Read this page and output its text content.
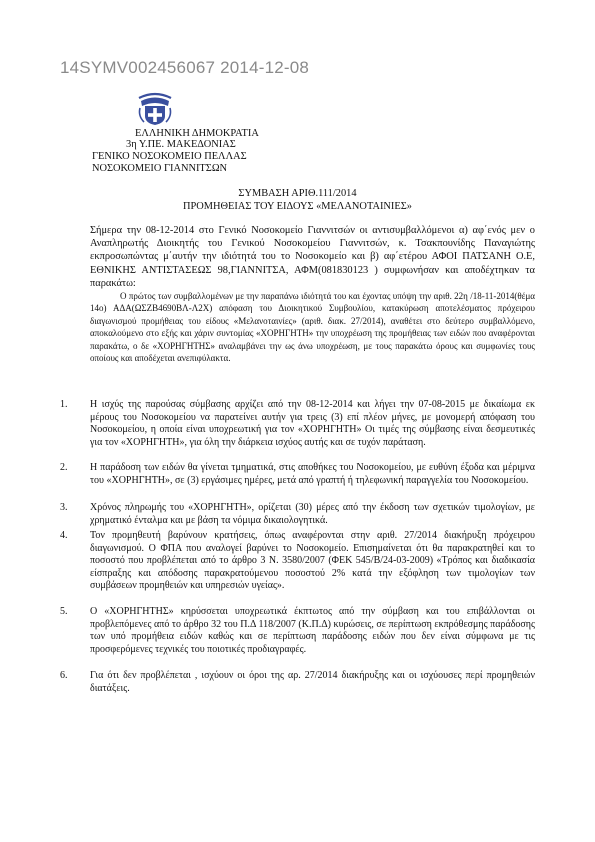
14SYMV002456067 2014-12-08
ΕΛΛΗΝΙΚΗ ΔΗΜΟΚΡΑΤΙΑ
3η Υ.ΠΕ. ΜΑΚΕΔΟΝΙΑΣ
ΓΕΝΙΚΟ ΝΟΣΟΚΟΜΕΙΟ ΠΕΛΛΑΣ
ΝΟΣΟΚΟΜΕΙΟ ΓΙΑΝΝΙΤΣΩΝ
ΣΥΜΒΑΣΗ ΑΡΙΘ.111/2014
ΠΡΟΜΗΘΕΙΑΣ ΤΟΥ ΕΙΔΟΥΣ «ΜΕΛΑΝΟΤΑΙΝΙΕΣ»
Σήμερα την 08-12-2014 στο Γενικό Νοσοκομείο Γιαννιτσών οι αντισυμβαλλόμενοι α) αφ΄ενός μεν ο Αναπληρωτής Διοικητής του Γενικού Νοσοκομείου Γιαννιτσών, κ. Τσακπουνίδης Παναγιώτης εκπροσωπώντας μ΄αυτήν την ιδιότητά του το Νοσοκομείο και β) αφ΄ετέρου ΑΦΟΙ ΠΑΤΣΑΝΗ Ο.Ε, ΕΘΝΙΚΗΣ ΑΝΤΙΣΤΑΣΕΩΣ 98,ΓΙΑΝΝΙΤΣΑ, ΑΦΜ(081830123 ) συμφωνήσαν και αποδέχτηκαν τα παρακάτω:
Ο πρώτος των συμβαλλομένων με την παραπάνω ιδιότητά του και έχοντας υπόψη την αριθ. 22η /18-11-2014(θέμα 14ο) ΑΔΑ(ΩΣΖΒ4690ΒΛ-Λ2Χ) απόφαση του Διοικητικού Συμβουλίου, κατακύρωση αποτελέσματος πρόχειρου διαγωνισμού προμήθειας του είδους «Μελανοταινίες» (αριθ. διακ. 27/2014), αναθέτει στο δεύτερο συμβαλλόμενο, αποκαλούμενο στο εξής και χάριν συντομίας «ΧΟΡΗΓΗΤΗ» την υποχρέωση της προμήθειας των ειδών που αναφέρονται παρακάτω, ο δε «ΧΟΡΗΓΗΤΗΣ» αναλαμβάνει την ως άνω υποχρέωση, με τους παρακάτω όρους και συμφωνίες τους οποίους και αποδέχεται ανεπιφύλακτα.
1. Η ισχύς της παρούσας σύμβασης αρχίζει από την 08-12-2014 και λήγει την 07-08-2015 με δικαίωμα εκ μέρους του Νοσοκομείου να παρατείνει αυτήν για τρεις (3) επί πλέον μήνες, με μονομερή απόφαση του Νοσοκομείου, η οποία είναι υποχρεωτική για τον «ΧΟΡΗΓΗΤΗ» Οι τιμές της σύμβασης είναι δεσμευτικές για τον «ΧΟΡΗΓΗΤΗ», για όλη την διάρκεια ισχύος αυτής και σε τυχόν παράταση.
2. Η παράδοση των ειδών θα γίνεται τμηματικά, στις αποθήκες του Νοσοκομείου, με ευθύνη έξοδα και μέριμνα του «ΧΟΡΗΓΗΤΗ», σε (3) εργάσιμες ημέρες, μετά από γραπτή ή τηλεφωνική παραγγελία του Νοσοκομείου.
3. Χρόνος πληρωμής του «ΧΟΡΗΓΗΤΗ», ορίζεται (30) μέρες από την έκδοση των σχετικών τιμολογίων, με χρηματικό ένταλμα και με βάση τα νόμιμα δικαιολογητικά.
4. Τον προμηθευτή βαρύνουν κρατήσεις, όπως αναφέρονται στην αριθ. 27/2014 διακήρυξη πρόχειρου διαγωνισμού. Ο ΦΠΑ που αναλογεί βαρύνει το Νοσοκομείο. Επισημαίνεται ότι θα παρακρατηθεί και το ποσοστό που προβλέπεται από το άρθρο 3 Ν. 3580/2007 (ΦΕΚ 545/Β/24-03-2009) «Τρόπος και διαδικασία είσπραξης και απόδοσης παρακρατούμενου ποσοστού 2% κατά την εξόφληση των τιμολογίων των συμβάσεων προμηθειών και υπηρεσιών υγείας».
5. Ο «ΧΟΡΗΓΗΤΗΣ» κηρύσσεται υποχρεωτικά έκπτωτος από την σύμβαση και του επιβάλλονται οι προβλεπόμενες από το άρθρο 32 του Π.Δ 118/2007 (Κ.Π.Δ) κυρώσεις, σε περίπτωση εκπρόθεσμης παράδοσης των υπό προμήθεια ειδών καθώς και σε περίπτωση παράδοσης ειδών που δεν είναι σύμφωνα με τις προσφερόμενες τεχνικές του ποιοτικές προδιαγραφές.
6. Για ότι δεν προβλέπεται , ισχύουν οι όροι της αρ. 27/2014 διακήρυξης και οι ισχύουσες περί προμηθειών διατάξεις.
